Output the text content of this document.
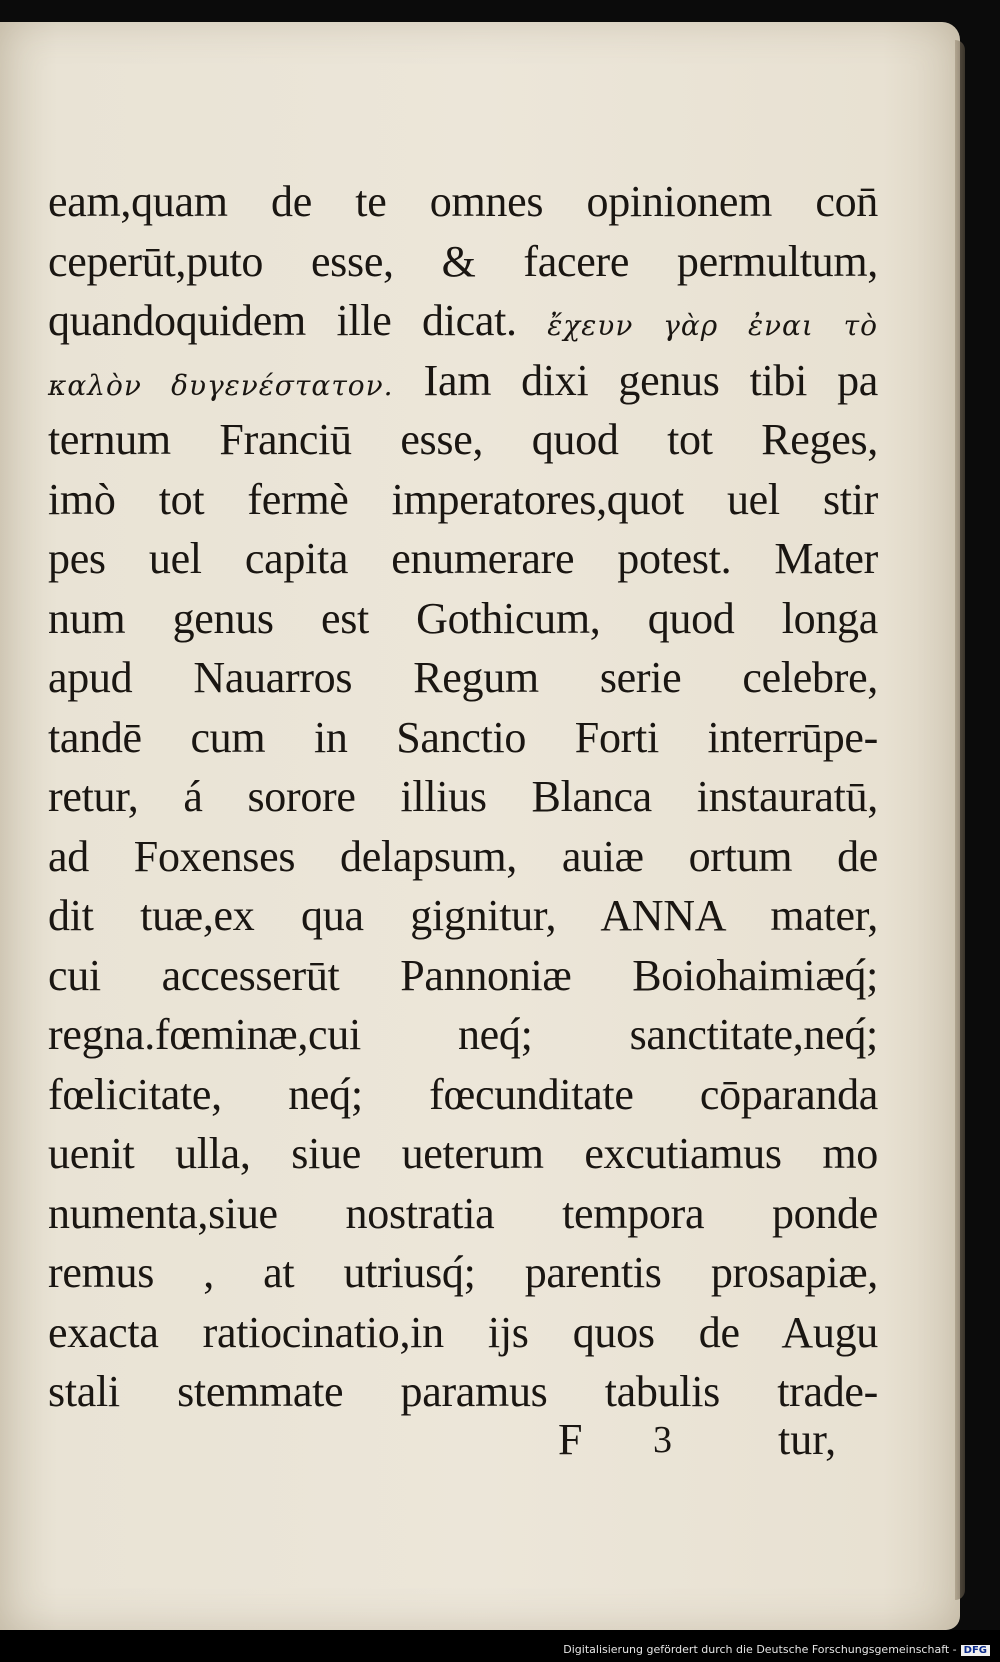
eam,quam de te omnes opinionem con̄
ceperūt,puto esse, & facere permultum,
quandoquidem ille dicat. ἔχευν γὰρ ἐναι τὸ
καλὸν δυγενέστατον. Iam dixi genus tibi pa
ternum Franciū esse, quod tot Reges,
imò tot fermè imperatores,quot uel stir
pes uel capita enumerare potest. Mater
num genus est Gothicum, quod longa
apud Nauarros Regum serie celebre,
tandē cum in Sanctio Forti interrūpe-
retur, á sorore illius Blanca instauratū,
ad Foxenses delapsum, auiæ ortum de
dit tuæ,ex qua gignitur, ANNA mater,
cui accesserūt Pannoniæ Boiohaimiæq́;
regna.fœminæ,cui neq́; sanctitate,neq́;
fœlicitate, neq́; fœcunditate cōparanda
uenit ulla, siue ueterum excutiamus mo
numenta,siue nostratia tempora ponde
remus , at utriusq́; parentis prosapiæ,
exacta ratiocinatio,in ijs quos de Augu
stali stemmate paramus tabulis trade-
F 3 tur,
Digitalisierung gefördert durch die Deutsche Forschungsgemeinschaft - DFG
